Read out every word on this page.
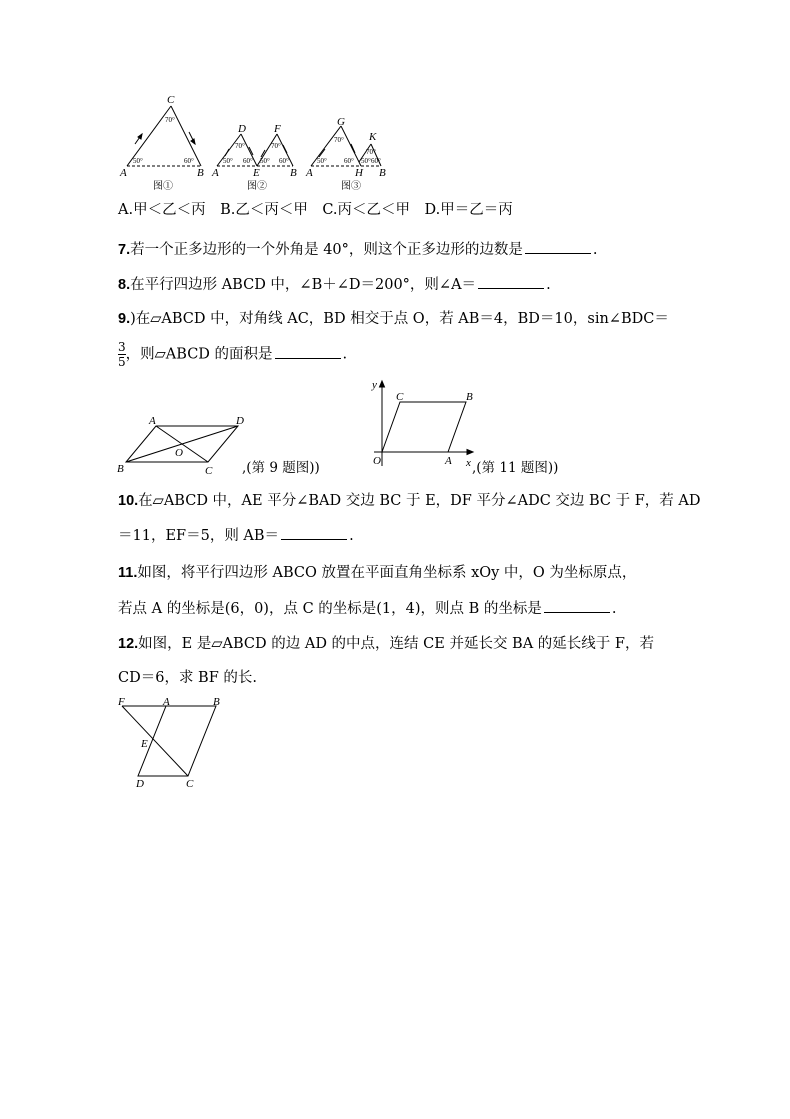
C
A	B
70°
50°	60°
图①
D	F
A	E	B
70°	70°
50° 60° 50° 60°
图②
G
K
A	H B
70°
70°
50° 60° 50° 60°
图③
A.甲＜乙＜丙　B.乙＜丙＜甲　C.丙＜乙＜甲　D.甲＝乙＝丙
7.若一个正多边形的一个外角是 40°，则这个正多边形的边数是	.
8.在平行四边形 ABCD 中，∠B＋∠D＝200°，则∠A＝	.
9.)在▱ABCD 中，对角线 AC，BD 相交于点 O，若 AB＝4，BD＝10，sin∠BDC＝
$\frac{3}{5}$ ，则▱ABCD 的面积是	.
A	D
B	C
O
,(第 9 题图))
y
x
C	B
O	A ,(第 11 题图))
10.在▱ABCD 中，AE 平分∠BAD 交边 BC 于 E，DF 平分∠ADC 交边 BC 于 F，若 AD
＝11，EF＝5，则 AB＝	.
11.如图，将平行四边形 ABCO 放置在平面直角坐标系 xOy 中，O 为坐标原点，
若点 A 的坐标是(6，0)，点 C 的坐标是(1，4)，则点 B 的坐标是	.
12.如图，E 是▱ABCD 的边 AD 的中点，连结 CE 并延长交 BA 的延长线于 F，若
CD＝6，求 BF 的长.
F	A	B
E
D	C
